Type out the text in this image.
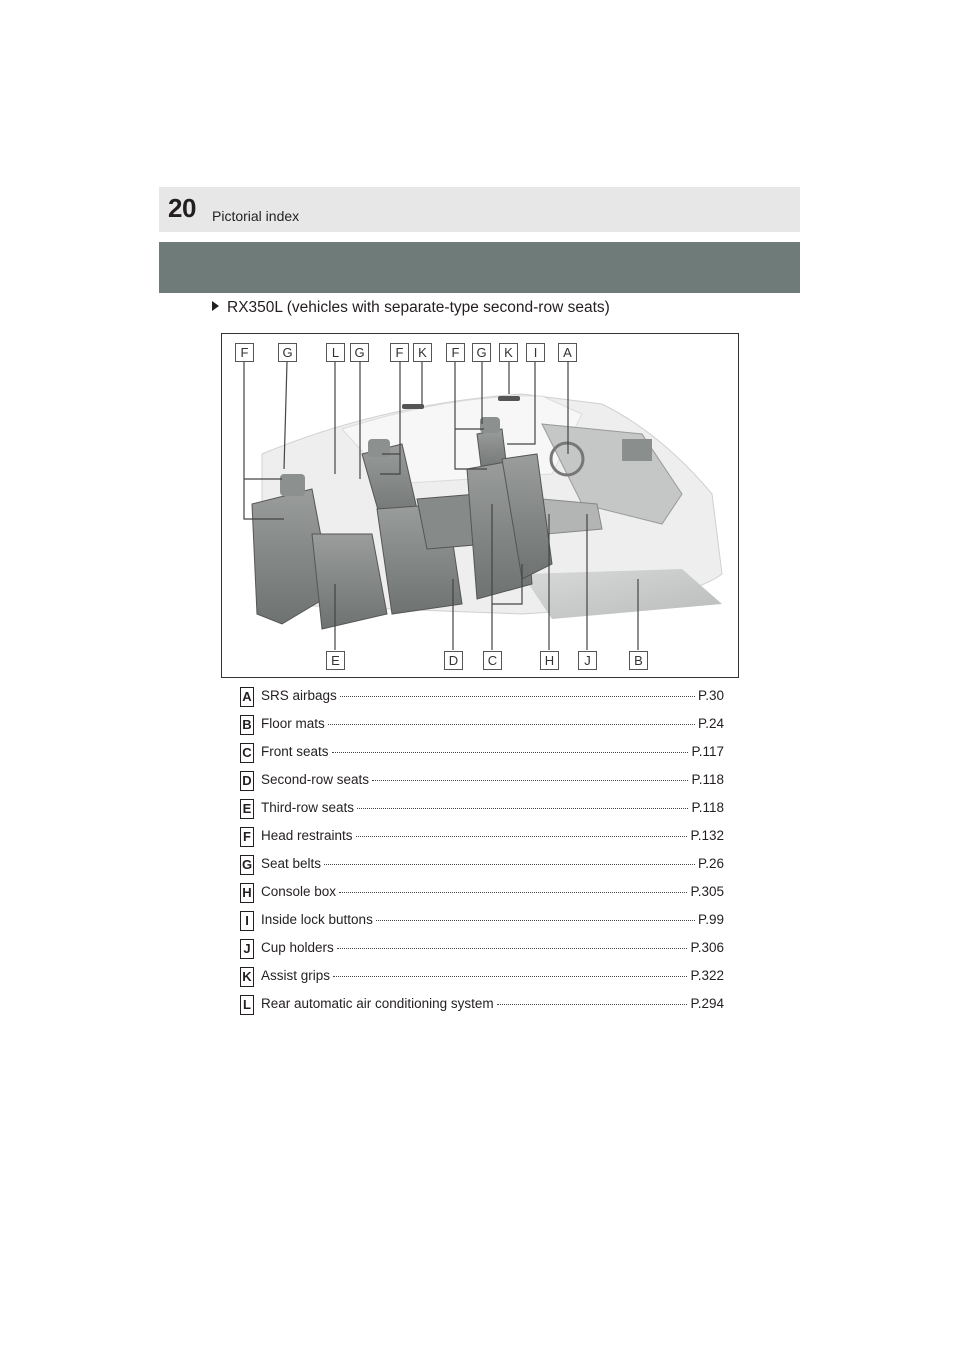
20 Pictorial index
RX350L (vehicles with separate-type second-row seats)
F	G	L	G	F	K	F	G	K	I	A
E	D	C	H	J	B
A SRS airbags	P.30
B Floor mats	P.24
C Front seats	P.117
D Second-row seats	P.118
E Third-row seats	P.118
F Head restraints	P.132
G Seat belts	P.26
H Console box	P.305
I Inside lock buttons	P.99
J Cup holders	P.306
K Assist grips	P.322
L Rear automatic air conditioning system	P.294
